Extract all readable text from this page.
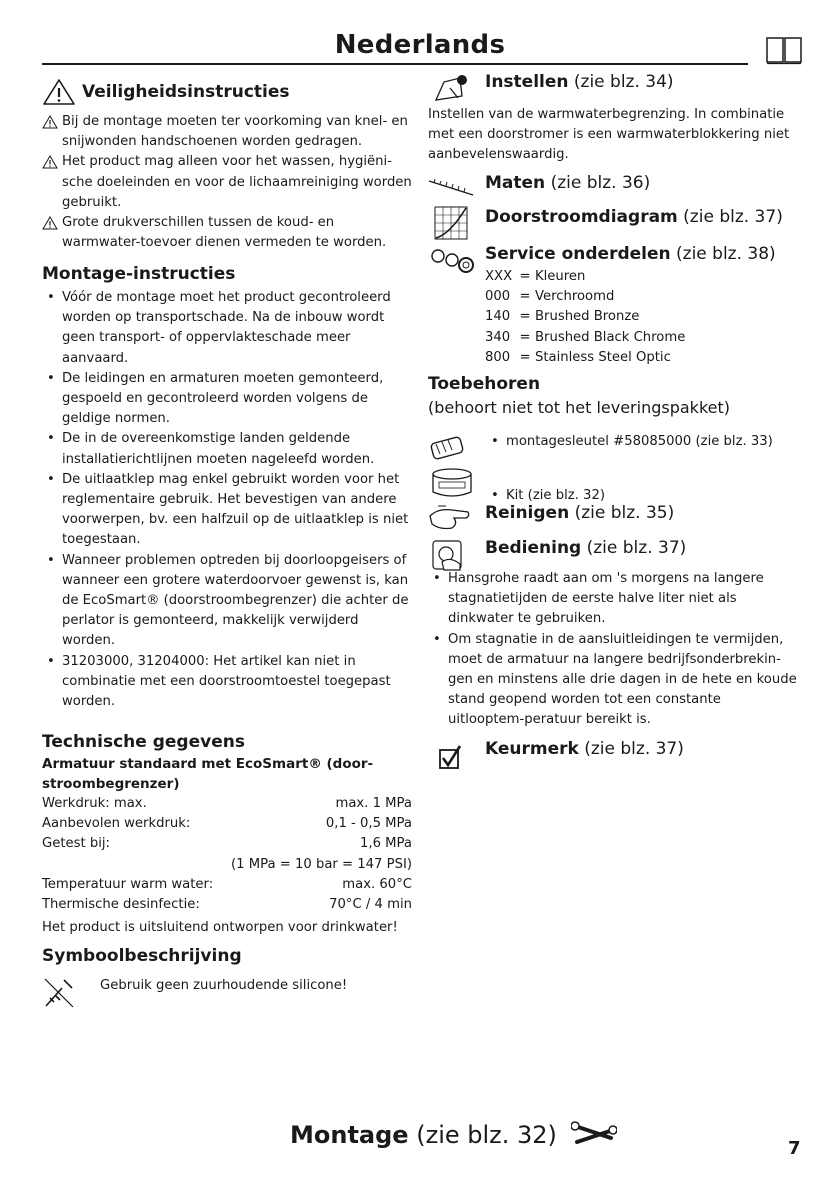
Nederlands
Veiligheidsinstructies
Bij de montage moeten ter voorkoming van knel- en snijwonden handschoenen worden gedragen.
Het product mag alleen voor het wassen, hygiëni-sche doeleinden en voor de lichaamreiniging worden gebruikt.
Grote drukverschillen tussen de koud- en warmwater-toevoer dienen vermeden te worden.
Montage-instructies
• Vóór de montage moet het product gecontroleerd worden op transportschade. Na de inbouw wordt geen transport- of oppervlakteschade meer aanvaard.
• De leidingen en armaturen moeten gemonteerd, gespoeld en gecontroleerd worden volgens de geldige normen.
• De in de overeenkomstige landen geldende installatierichtlijnen moeten nageleefd worden.
• De uitlaatklep mag enkel gebruikt worden voor het reglementaire gebruik. Het bevestigen van andere voorwerpen, bv. een halfzuil op de uitlaatklep is niet toegestaan.
• Wanneer problemen optreden bij doorloopgeisers of wanneer een grotere waterdoorvoer gewenst is, kan de EcoSmart® (doorstroombegrenzer) die achter de perlator is gemonteerd, makkelijk verwijderd worden.
• 31203000, 31204000: Het artikel kan niet in combinatie met een doorstroomtoestel toegepast worden.
Technische gegevens
Armatuur standaard met EcoSmart® (door-stroombegrenzer)
Werkdruk: max.	max. 1 MPa
Aanbevolen werkdruk:	0,1 - 0,5 MPa
Getest bij:	1,6 MPa
(1 MPa = 10 bar = 147 PSI)
Temperatuur warm water:	max. 60°C
Thermische desinfectie:	70°C / 4 min
Het product is uitsluitend ontworpen voor drinkwater!
Symboolbeschrijving
Gebruik geen zuurhoudende silicone!
Instellen (zie blz. 34)
Instellen van de warmwaterbegrenzing. In combinatie met een doorstromer is een warmwaterblokkering niet aanbevelenswaardig.
Maten (zie blz. 36)
Doorstroomdiagram (zie blz. 37)
Service onderdelen (zie blz. 38)
XXX = Kleuren
000 = Verchroomd
140 = Brushed Bronze
340 = Brushed Black Chrome
800 = Stainless Steel Optic
Toebehoren
(behoort niet tot het leveringspakket)
• montagesleutel #58085000 (zie blz. 33)
• Kit (zie blz. 32)
Reinigen (zie blz. 35)
Bediening (zie blz. 37)
• Hansgrohe raadt aan om 's morgens na langere stagnatietijden de eerste halve liter niet als dinkwater te gebruiken.
• Om stagnatie in de aansluitleidingen te vermijden, moet de armatuur na langere bedrijfsonderbrekin-gen en minstens alle drie dagen in de hete en koude stand geopend worden tot een constante uitlooptem-peratuur bereikt is.
Keurmerk (zie blz. 37)
Montage (zie blz. 32)	7
